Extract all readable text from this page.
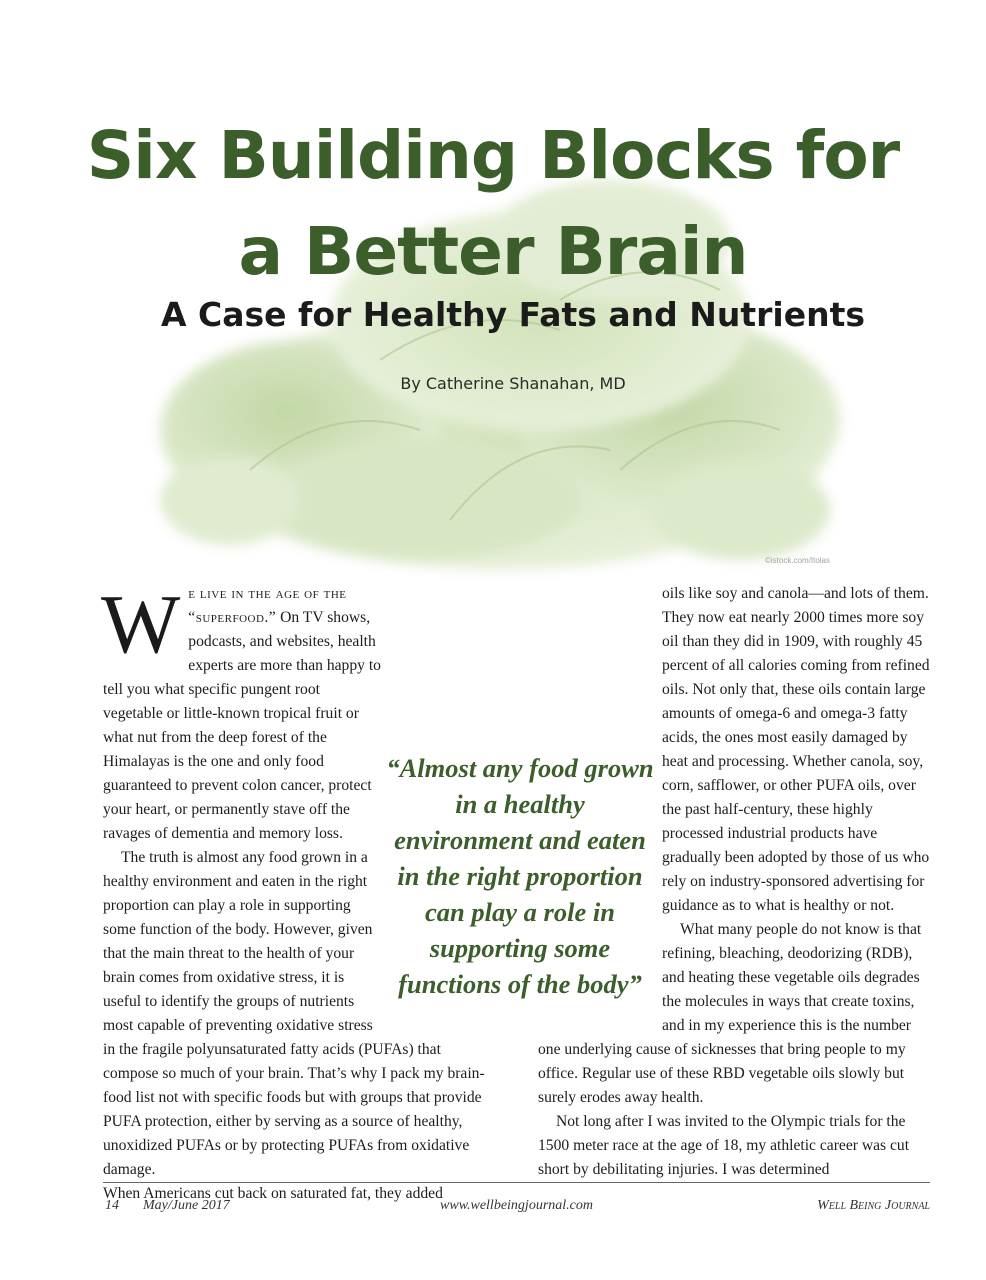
Six Building Blocks for a Better Brain
A Case for Healthy Fats and Nutrients

By Catherine Shanahan, MD

©istock.com/Itolas

We live in the age of the “superfood.” On TV shows, podcasts, and websites, health experts are more than happy to tell you what specific pungent root vegetable or little-known tropical fruit or what nut from the deep forest of the Himalayas is the one and only food guaranteed to prevent colon cancer, protect your heart, or permanently stave off the ravages of dementia and memory loss.

The truth is almost any food grown in a healthy environment and eaten in the right proportion can play a role in supporting some function of the body. However, given that the main threat to the health of your brain comes from oxidative stress, it is useful to identify the groups of nutrients most capable of preventing oxidative stress in the fragile polyunsaturated fatty acids (PUFAs) that compose so much of your brain. That’s why I pack my brain-food list not with specific foods but with groups that provide PUFA protection, either by serving as a source of healthy, unoxidized PUFAs or by protecting PUFAs from oxidative damage.

When Americans cut back on saturated fat, they added

oils like soy and canola—and lots of them. They now eat nearly 2000 times more soy oil than they did in 1909, with roughly 45 percent of all calories coming from refined oils. Not only that, these oils contain large amounts of omega-6 and omega-3 fatty acids, the ones most easily damaged by heat and processing. Whether canola, soy, corn, safflower, or other PUFA oils, over the past half-century, these highly processed industrial products have gradually been adopted by those of us who rely on industry-sponsored advertising for guidance as to what is healthy or not.

What many people do not know is that refining, bleaching, deodorizing (RDB), and heating these vegetable oils degrades the molecules in ways that create toxins, and in my experience this is the number one underlying cause of sicknesses that bring people to my office. Regular use of these RBD vegetable oils slowly but surely erodes away health.

Not long after I was invited to the Olympic trials for the 1500 meter race at the age of 18, my athletic career was cut short by debilitating injuries. I was determined

“Almost any food grown in a healthy environment and eaten in the right proportion can play a role in supporting some functions of the body”

14 May/June 2017	www.wellbeingjournal.com	Well Being Journal
